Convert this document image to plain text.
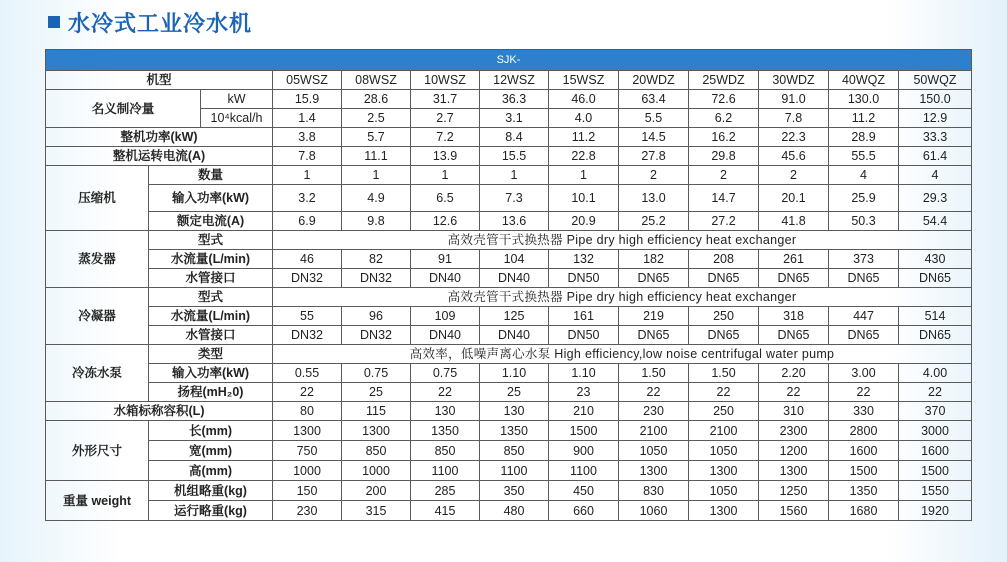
水冷式工业冷水机
SJK-												
机型			05WSZ	08WSZ	10WSZ	12WSZ	15WSZ	20WDZ	25WDZ	30WDZ	40WQZ	50WQZ
名义制冷量		kW	15.9	28.6	31.7	36.3	46.0	63.4	72.6	91.0	130.0	150.0
		10⁴kcal/h	1.4	2.5	2.7	3.1	4.0	5.5	6.2	7.8	11.2	12.9
整机功率(kW)			3.8	5.7	7.2	8.4	11.2	14.5	16.2	22.3	28.9	33.3
整机运转电流(A)			7.8	11.1	13.9	15.5	22.8	27.8	29.8	45.6	55.5	61.4
压缩机	数量		1	1	1	1	1	2	2	2	4	4
	输入功率(kW)		3.2	4.9	6.5	7.3	10.1	13.0	14.7	20.1	25.9	29.3
	额定电流(A)		6.9	9.8	12.6	13.6	20.9	25.2	27.2	41.8	50.3	54.4
蒸发器	型式		高效壳管干式换热器 Pipe dry high efficiency heat exchanger									
	水流量(L/min)		46	82	91	104	132	182	208	261	373	430
	水管接口		DN32	DN32	DN40	DN40	DN50	DN65	DN65	DN65	DN65	DN65
冷凝器	型式		高效壳管干式换热器 Pipe dry high efficiency heat exchanger									
	水流量(L/min)		55	96	109	125	161	219	250	318	447	514
	水管接口		DN32	DN32	DN40	DN40	DN50	DN65	DN65	DN65	DN65	DN65
冷冻水泵	类型		高效率，低噪声离心水泵 High efficiency,low noise centrifugal water pump									
	输入功率(kW)		0.55	0.75	0.75	1.10	1.10	1.50	1.50	2.20	3.00	4.00
	扬程(mH₂0)		22	25	22	25	23	22	22	22	22	22
水箱标称容积(L)			80	115	130	130	210	230	250	310	330	370
外形尺寸	长(mm)		1300	1300	1350	1350	1500	2100	2100	2300	2800	3000
	宽(mm)		750	850	850	850	900	1050	1050	1200	1600	1600
	高(mm)		1000	1000	1100	1100	1100	1300	1300	1300	1500	1500
重量 weight	机组略重(kg)		150	200	285	350	450	830	1050	1250	1350	1550
	运行略重(kg)		230	315	415	480	660	1060	1300	1560	1680	1920
